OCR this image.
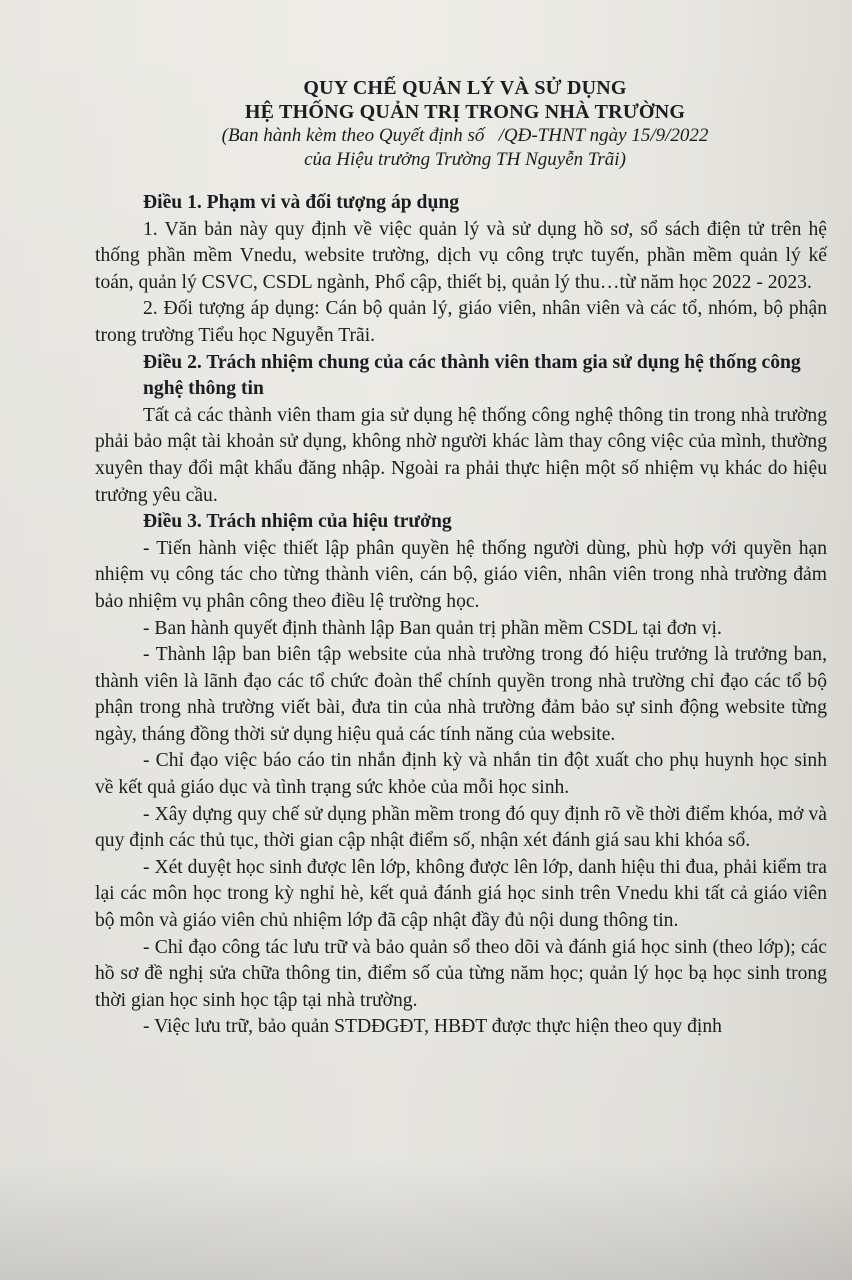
QUY CHẾ QUẢN LÝ VÀ SỬ DỤNG
HỆ THỐNG QUẢN TRỊ TRONG NHÀ TRƯỜNG
(Ban hành kèm theo Quyết định số   /QĐ-THNT ngày 15/9/2022
của Hiệu trưởng Trường TH Nguyễn Trãi)
Điều 1. Phạm vi và đối tượng áp dụng
1. Văn bản này quy định về việc quản lý và sử dụng hồ sơ, sổ sách điện tử trên hệ thống phần mềm Vnedu, website trường, dịch vụ công trực tuyến, phần mềm quản lý kế toán, quản lý CSVC, CSDL ngành, Phổ cập, thiết bị, quản lý thu…từ năm học 2022 - 2023.
2. Đối tượng áp dụng: Cán bộ quản lý, giáo viên, nhân viên và các tổ, nhóm, bộ phận trong trường Tiểu học Nguyễn Trãi.
Điều 2. Trách nhiệm chung của các thành viên tham gia sử dụng hệ thống công nghệ thông tin
Tất cả các thành viên tham gia sử dụng hệ thống công nghệ thông tin trong nhà trường phải bảo mật tài khoản sử dụng, không nhờ người khác làm thay công việc của mình, thường xuyên thay đổi mật khẩu đăng nhập. Ngoài ra phải thực hiện một số nhiệm vụ khác do hiệu trưởng yêu cầu.
Điều 3. Trách nhiệm của hiệu trưởng
- Tiến hành việc thiết lập phân quyền hệ thống người dùng, phù hợp với quyền hạn nhiệm vụ công tác cho từng thành viên, cán bộ, giáo viên, nhân viên trong nhà trường đảm bảo nhiệm vụ phân công theo điều lệ trường học.
- Ban hành quyết định thành lập Ban quản trị phần mềm CSDL tại đơn vị.
- Thành lập ban biên tập website của nhà trường trong đó hiệu trưởng là trưởng ban, thành viên là lãnh đạo các tổ chức đoàn thể chính quyền trong nhà trường chỉ đạo các tổ bộ phận trong nhà trường viết bài, đưa tin của nhà trường đảm bảo sự sinh động website từng ngày, tháng đồng thời sử dụng hiệu quả các tính năng của website.
- Chỉ đạo việc báo cáo tin nhắn định kỳ và nhắn tin đột xuất cho phụ huynh học sinh về kết quả giáo dục và tình trạng sức khỏe của mỗi học sinh.
- Xây dựng quy chế sử dụng phần mềm trong đó quy định rõ về thời điểm khóa, mở và quy định các thủ tục, thời gian cập nhật điểm số, nhận xét đánh giá sau khi khóa sổ.
- Xét duyệt học sinh được lên lớp, không được lên lớp, danh hiệu thi đua, phải kiểm tra lại các môn học trong kỳ nghỉ hè, kết quả đánh giá học sinh trên Vnedu khi tất cả giáo viên bộ môn và giáo viên chủ nhiệm lớp đã cập nhật đầy đủ nội dung thông tin.
- Chỉ đạo công tác lưu trữ và bảo quản sổ theo dõi và đánh giá học sinh (theo lớp); các hồ sơ đề nghị sửa chữa thông tin, điểm số của từng năm học; quản lý học bạ học sinh trong thời gian học sinh học tập tại nhà trường.
- Việc lưu trữ, bảo quản STDĐGĐT, HBĐT được thực hiện theo quy định
